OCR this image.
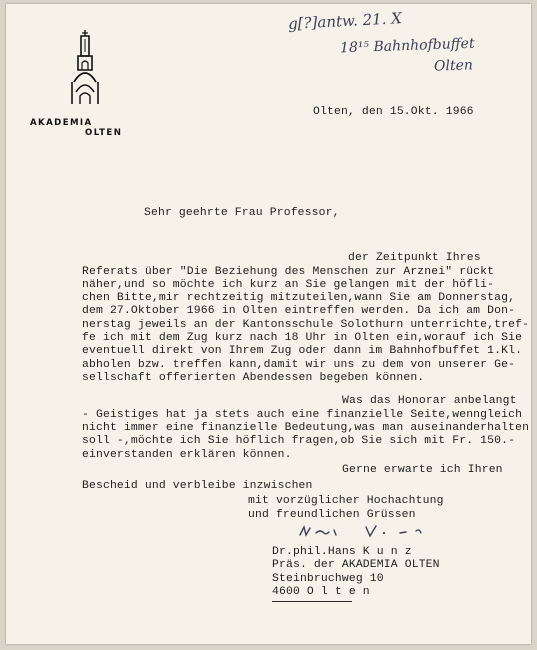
g[?]antw. 21. X
18¹⁵ Bahnhofbuffet
Olten
AKADEMIA
OLTEN
Olten, den 15.Okt. 1966
Sehr geehrte Frau Professor,
der Zeitpunkt Ihres
Referats über "Die Beziehung des Menschen zur Arznei" rückt
näher,und so möchte ich kurz an Sie gelangen mit der höfli-
chen Bitte,mir rechtzeitig mitzuteilen,wann Sie am Donnerstag,
dem 27.Oktober 1966 in Olten eintreffen werden. Da ich am Don-
nerstag jeweils an der Kantonsschule Solothurn unterrichte,tref-
fe ich mit dem Zug kurz nach 18 Uhr in Olten ein,worauf ich Sie
eventuell direkt von Ihrem Zug oder dann im Bahnhofbuffet 1.Kl.
abholen bzw. treffen kann,damit wir uns zu dem von unserer Ge-
sellschaft offerierten Abendessen begeben können.
Was das Honorar anbelangt
- Geistiges hat ja stets auch eine finanzielle Seite,wenngleich
nicht immer eine finanzielle Bedeutung,was man auseinanderhalten
soll -,möchte ich Sie höflich fragen,ob Sie sich mit Fr. 150.-
einverstanden erklären können.
Gerne erwarte ich Ihren
Bescheid und verbleibe inzwischen
mit vorzüglicher Hochachtung
und freundlichen Grüssen
Dr.phil.Hans K u n z
Präs. der AKADEMIA OLTEN
Steinbruchweg 10
4600 O l t e n
